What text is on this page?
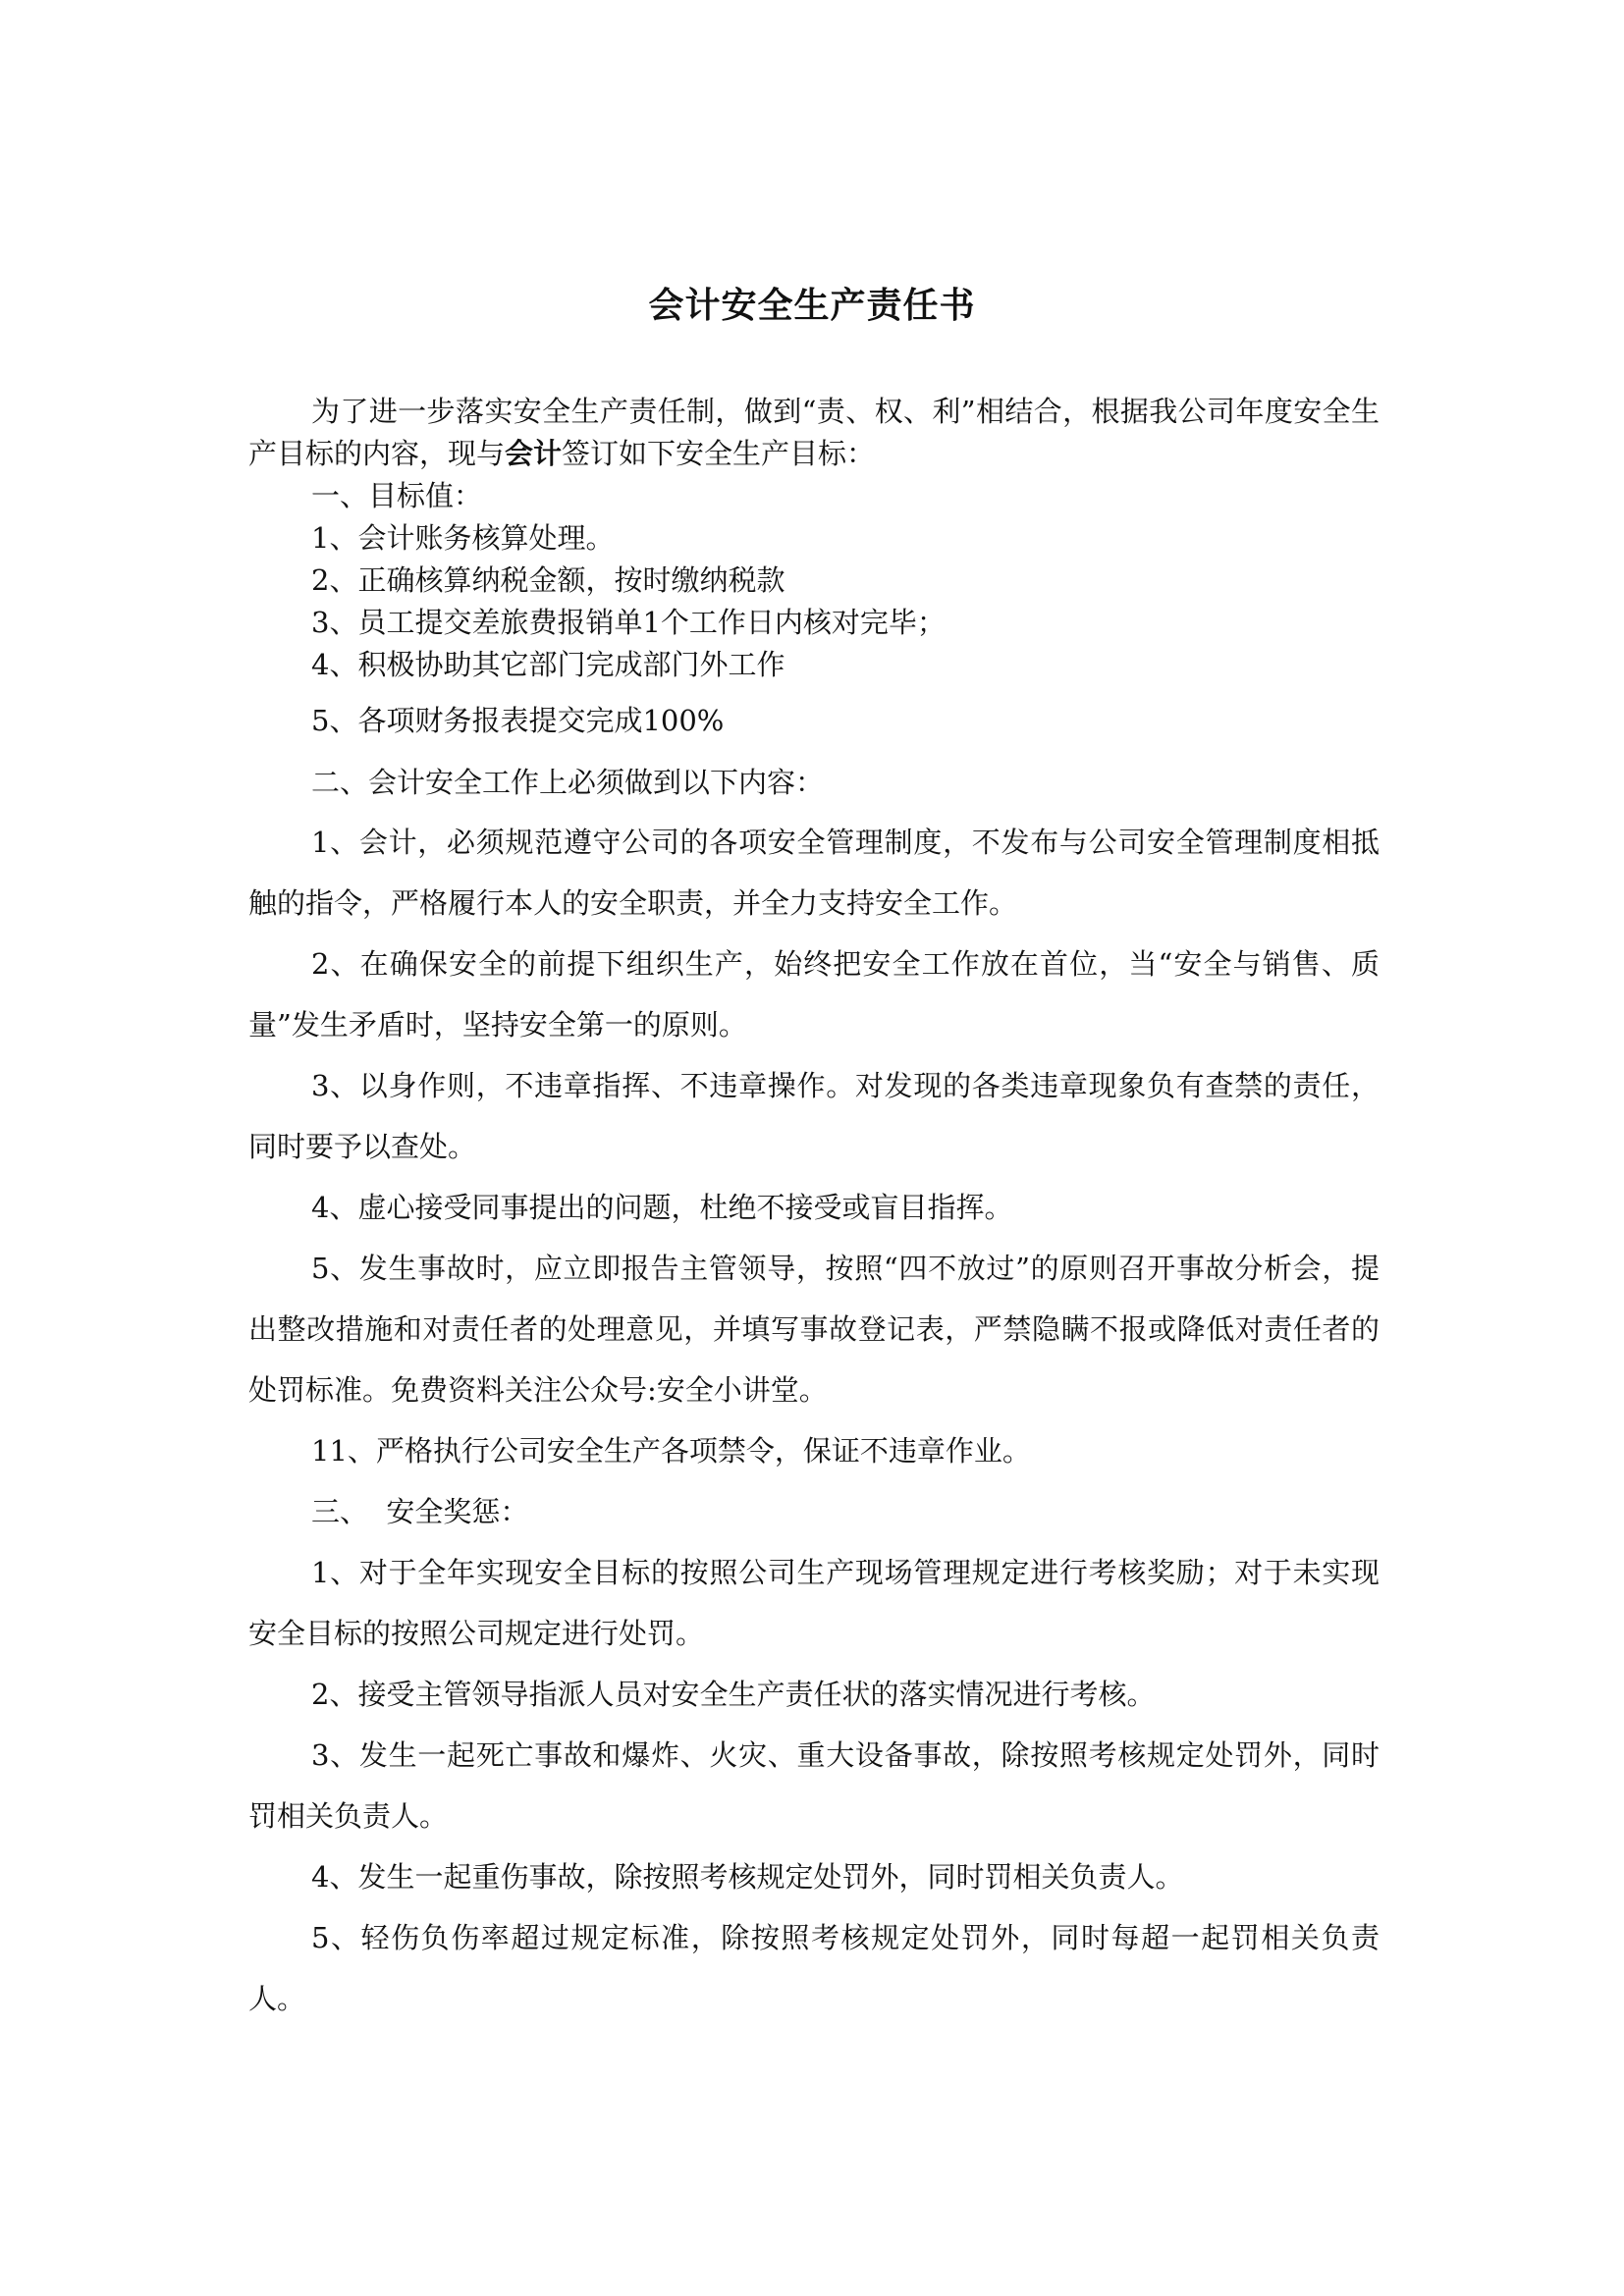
会计安全生产责任书

为了进一步落实安全生产责任制，做到“责、权、利”相结合，根据我公司年度安全生产目标的内容，现与会计签订如下安全生产目标：

一、目标值：

1、会计账务核算处理。

2、正确核算纳税金额，按时缴纳税款

3、员工提交差旅费报销单1个工作日内核对完毕；

4、积极协助其它部门完成部门外工作

5、各项财务报表提交完成100%

二、会计安全工作上必须做到以下内容：

1、会计，必须规范遵守公司的各项安全管理制度，不发布与公司安全管理制度相抵触的指令，严格履行本人的安全职责，并全力支持安全工作。

2、在确保安全的前提下组织生产，始终把安全工作放在首位，当“安全与销售、质量”发生矛盾时，坚持安全第一的原则。

3、以身作则，不违章指挥、不违章操作。对发现的各类违章现象负有查禁的责任，同时要予以查处。

4、虚心接受同事提出的问题，杜绝不接受或盲目指挥。

5、发生事故时，应立即报告主管领导，按照“四不放过”的原则召开事故分析会，提出整改措施和对责任者的处理意见，并填写事故登记表，严禁隐瞒不报或降低对责任者的处罚标准。免费资料关注公众号:安全小讲堂。

11、严格执行公司安全生产各项禁令，保证不违章作业。

三、  安全奖惩：

1、对于全年实现安全目标的按照公司生产现场管理规定进行考核奖励；对于未实现安全目标的按照公司规定进行处罚。

2、接受主管领导指派人员对安全生产责任状的落实情况进行考核。

3、发生一起死亡事故和爆炸、火灾、重大设备事故，除按照考核规定处罚外，同时罚相关负责人。

4、发生一起重伤事故，除按照考核规定处罚外，同时罚相关负责人。

5、轻伤负伤率超过规定标准，除按照考核规定处罚外，同时每超一起罚相关负责人。
